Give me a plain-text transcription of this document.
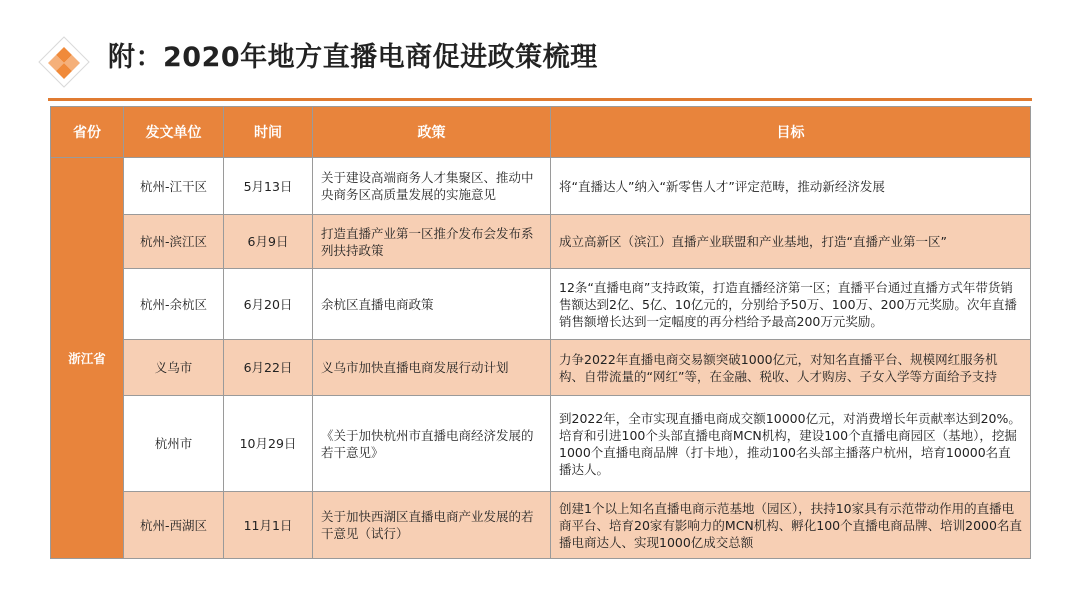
附：2020年地方直播电商促进政策梳理
省份	发文单位	时间	政策	目标
浙江省	杭州-江干区	5月13日	关于建设高端商务人才集聚区、推动中央商务区高质量发展的实施意见	将“直播达人”纳入“新零售人才”评定范畴，推动新经济发展
	杭州-滨江区	6月9日	打造直播产业第一区推介发布会发布系列扶持政策	成立高新区（滨江）直播产业联盟和产业基地，打造“直播产业第一区”
	杭州-余杭区	6月20日	余杭区直播电商政策	12条“直播电商”支持政策，打造直播经济第一区；直播平台通过直播方式年带货销售额达到2亿、5亿、10亿元的，分别给予50万、100万、200万元奖励。次年直播销售额增长达到一定幅度的再分档给予最高200万元奖励。
	义乌市	6月22日	义乌市加快直播电商发展行动计划	力争2022年直播电商交易额突破1000亿元，对知名直播平台、规模网红服务机构、自带流量的“网红”等，在金融、税收、人才购房、子女入学等方面给予支持
	杭州市	10月29日	《关于加快杭州市直播电商经济发展的若干意见》	到2022年，全市实现直播电商成交额10000亿元，对消费增长年贡献率达到20%。培育和引进100个头部直播电商MCN机构，建设100个直播电商园区（基地），挖掘1000个直播电商品牌（打卡地），推动100名头部主播落户杭州，培育10000名直播达人。
	杭州-西湖区	11月1日	关于加快西湖区直播电商产业发展的若干意见（试行）	创建1个以上知名直播电商示范基地（园区），扶持10家具有示范带动作用的直播电商平台、培育20家有影响力的MCN机构、孵化100个直播电商品牌、培训2000名直播电商达人、实现1000亿成交总额
